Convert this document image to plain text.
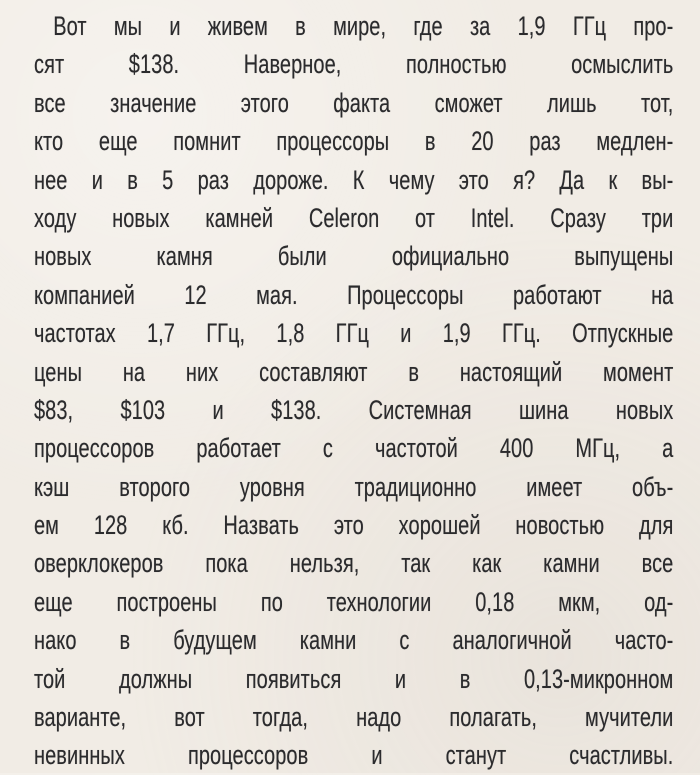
Вот мы и живем в мире, где за 1,9 ГГц про-
сят $138. Наверное, полностью осмыслить
все значение этого факта сможет лишь тот,
кто еще помнит процессоры в 20 раз медлен-
нее и в 5 раз дороже. К чему это я? Да к вы-
ходу новых камней Celeron от Intel. Сразу три
новых камня были официально выпущены
компанией 12 мая. Процессоры работают на
частотах 1,7 ГГц, 1,8 ГГц и 1,9 ГГц. Отпускные
цены на них составляют в настоящий момент
$83, $103 и $138. Системная шина новых
процессоров работает с частотой 400 МГц, а
кэш второго уровня традиционно имеет объ-
ем 128 кб. Назвать это хорошей новостью для
оверклокеров пока нельзя, так как камни все
еще построены по технологии 0,18 мкм, од-
нако в будущем камни с аналогичной часто-
той должны появиться и в 0,13-микронном
варианте, вот тогда, надо полагать, мучители
невинных процессоров и станут счастливы.
